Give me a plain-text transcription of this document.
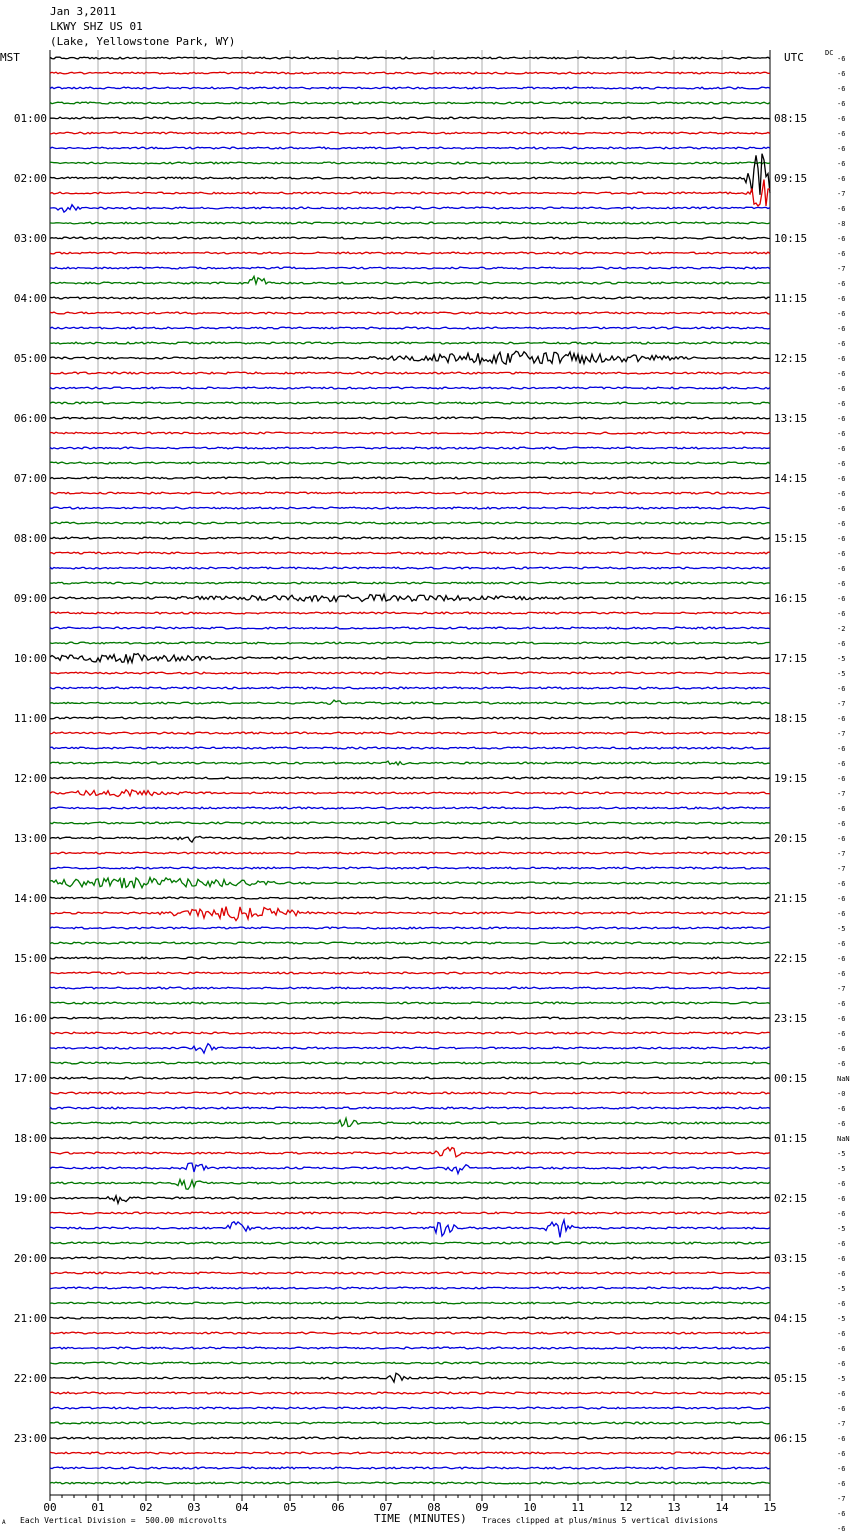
Jan 3,2011
LKWY SHZ US 01
(Lake, Yellowstone Park, WY)
MST	UTC	DC
00	01	02	03	04	05	06	07	08	09	10	11	12	13	14	15
01:00
02:00
03:00
04:00
05:00
06:00
07:00
08:00
09:00
10:00
11:00
12:00
13:00
14:00
15:00
16:00
17:00
18:00
19:00
20:00
21:00
22:00
23:00
08:15
09:15
10:15
11:15
12:15
13:15
14:15
15:15
16:15
17:15
18:15
19:15
20:15
21:15
22:15
23:15
00:15
01:15
02:15
03:15
04:15
05:15
06:15
-6
-6
-6
-6
-6
-6
-6
-6
-6
-7
-6
-8
-6
-6
-7
-6
-6
-6
-6
-6
-6
-6
-6
-6
-6
-6
-6
-6
-6
-6
-6
-6
-6
-6
-6
-6
-6
-6
-2
-6
-5
-5
-6
-7
-6
-7
-6
-6
-6
-7
-6
-6
-6
-7
-7
-6
-6
-6
-5
-6
-6
-6
-7
-6
-6
-6
-6
-6
NaN
-0
-6
-6
NaN
-5
-5
-6
-6
-6
-5
-6
-6
-6
-5
-6
-5
-6
-6
-6
-5
-6
-6
-7
-6
-6
-6
-6
-7
-6
-6
A Each Vertical Division =  500.00 microvolts	TIME (MINUTES) Traces clipped at plus/minus 5 vertical divisions
